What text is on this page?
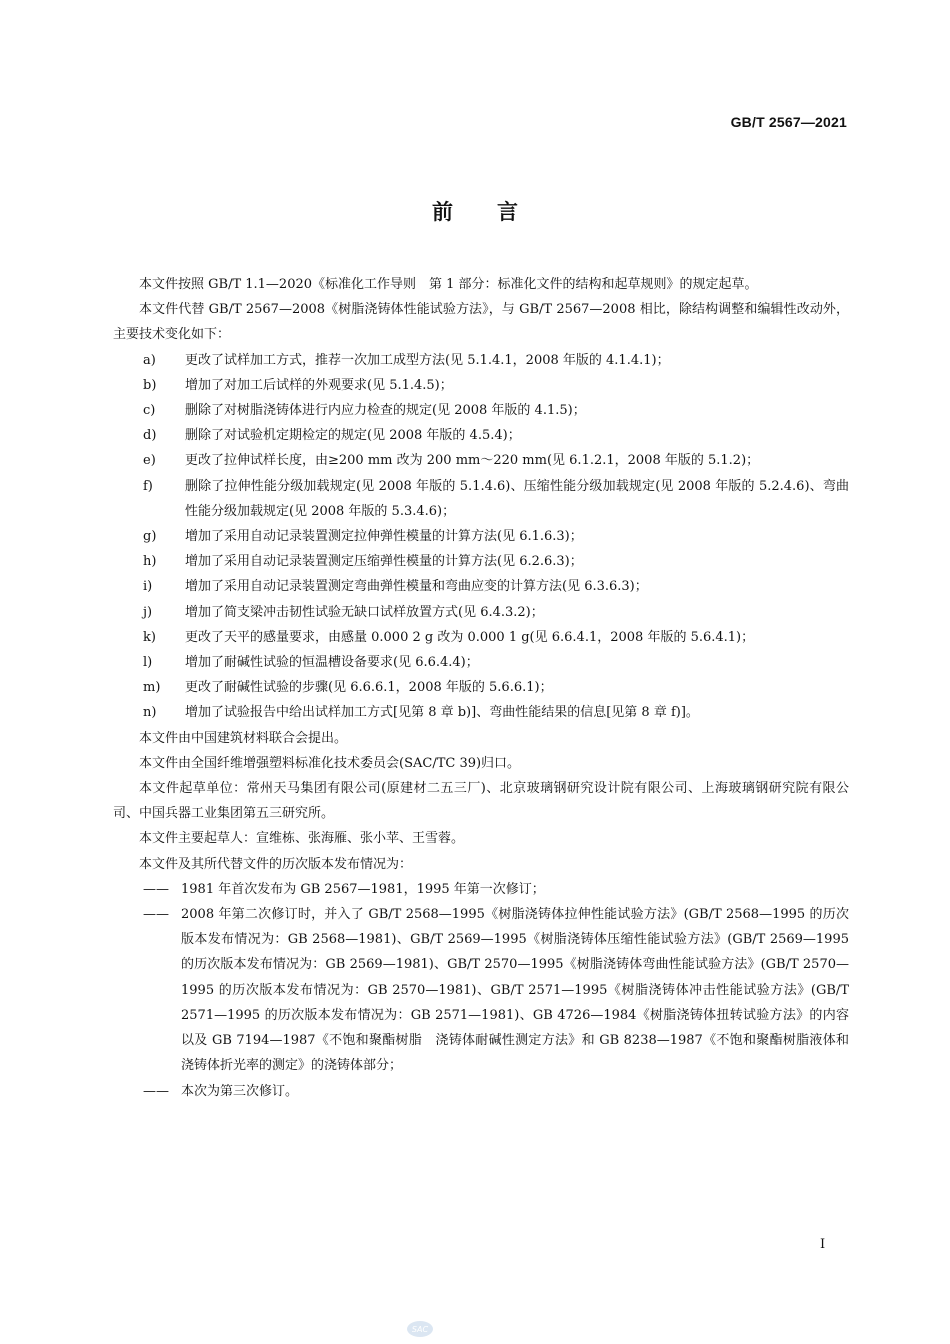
GB/T 2567—2021
前言

本文件按照 GB/T 1.1—2020《标准化工作导则　第 1 部分：标准化文件的结构和起草规则》的规定起草。

本文件代替 GB/T 2567—2008《树脂浇铸体性能试验方法》，与 GB/T 2567—2008 相比，除结构调整和编辑性改动外，主要技术变化如下：

a)	更改了试样加工方式，推荐一次加工成型方法(见 5.1.4.1，2008 年版的 4.1.4.1)；
b)	增加了对加工后试样的外观要求(见 5.1.4.5)；
c)	删除了对树脂浇铸体进行内应力检查的规定(见 2008 年版的 4.1.5)；
d)	删除了对试验机定期检定的规定(见 2008 年版的 4.5.4)；
e)	更改了拉伸试样长度，由≥200 mm 改为 200 mm～220 mm(见 6.1.2.1，2008 年版的 5.1.2)；
f)	删除了拉伸性能分级加载规定(见 2008 年版的 5.1.4.6)、压缩性能分级加载规定(见 2008 年版的 5.2.4.6)、弯曲性能分级加载规定(见 2008 年版的 5.3.4.6)；
g)	增加了采用自动记录装置测定拉伸弹性模量的计算方法(见 6.1.6.3)；
h)	增加了采用自动记录装置测定压缩弹性模量的计算方法(见 6.2.6.3)；
i)	增加了采用自动记录装置测定弯曲弹性模量和弯曲应变的计算方法(见 6.3.6.3)；
j)	增加了简支梁冲击韧性试验无缺口试样放置方式(见 6.4.3.2)；
k)	更改了天平的感量要求，由感量 0.000 2 g 改为 0.000 1 g(见 6.6.4.1，2008 年版的 5.6.4.1)；
l)	增加了耐碱性试验的恒温槽设备要求(见 6.6.4.4)；
m)	更改了耐碱性试验的步骤(见 6.6.6.1，2008 年版的 5.6.6.1)；
n)	增加了试验报告中给出试样加工方式[见第 8 章 b)]、弯曲性能结果的信息[见第 8 章 f)]。

本文件由中国建筑材料联合会提出。

本文件由全国纤维增强塑料标准化技术委员会(SAC/TC 39)归口。

本文件起草单位：常州天马集团有限公司(原建材二五三厂)、北京玻璃钢研究设计院有限公司、上海玻璃钢研究院有限公司、中国兵器工业集团第五三研究所。

本文件主要起草人：宣维栋、张海雁、张小苹、王雪蓉。

本文件及其所代替文件的历次版本发布情况为：

—— 1981 年首次发布为 GB 2567—1981，1995 年第一次修订；
—— 2008 年第二次修订时，并入了 GB/T 2568—1995《树脂浇铸体拉伸性能试验方法》(GB/T 2568—1995 的历次版本发布情况为：GB 2568—1981)、GB/T 2569—1995《树脂浇铸体压缩性能试验方法》(GB/T 2569—1995 的历次版本发布情况为：GB 2569—1981)、GB/T 2570—1995《树脂浇铸体弯曲性能试验方法》(GB/T 2570—1995 的历次版本发布情况为：GB 2570—1981)、GB/T 2571—1995《树脂浇铸体冲击性能试验方法》(GB/T 2571—1995 的历次版本发布情况为：GB 2571—1981)、GB 4726—1984《树脂浇铸体扭转试验方法》的内容以及 GB 7194—1987《不饱和聚酯树脂　浇铸体耐碱性测定方法》和 GB 8238—1987《不饱和聚酯树脂液体和浇铸体折光率的测定》的浇铸体部分；
—— 本次为第三次修订。
I
SAC
